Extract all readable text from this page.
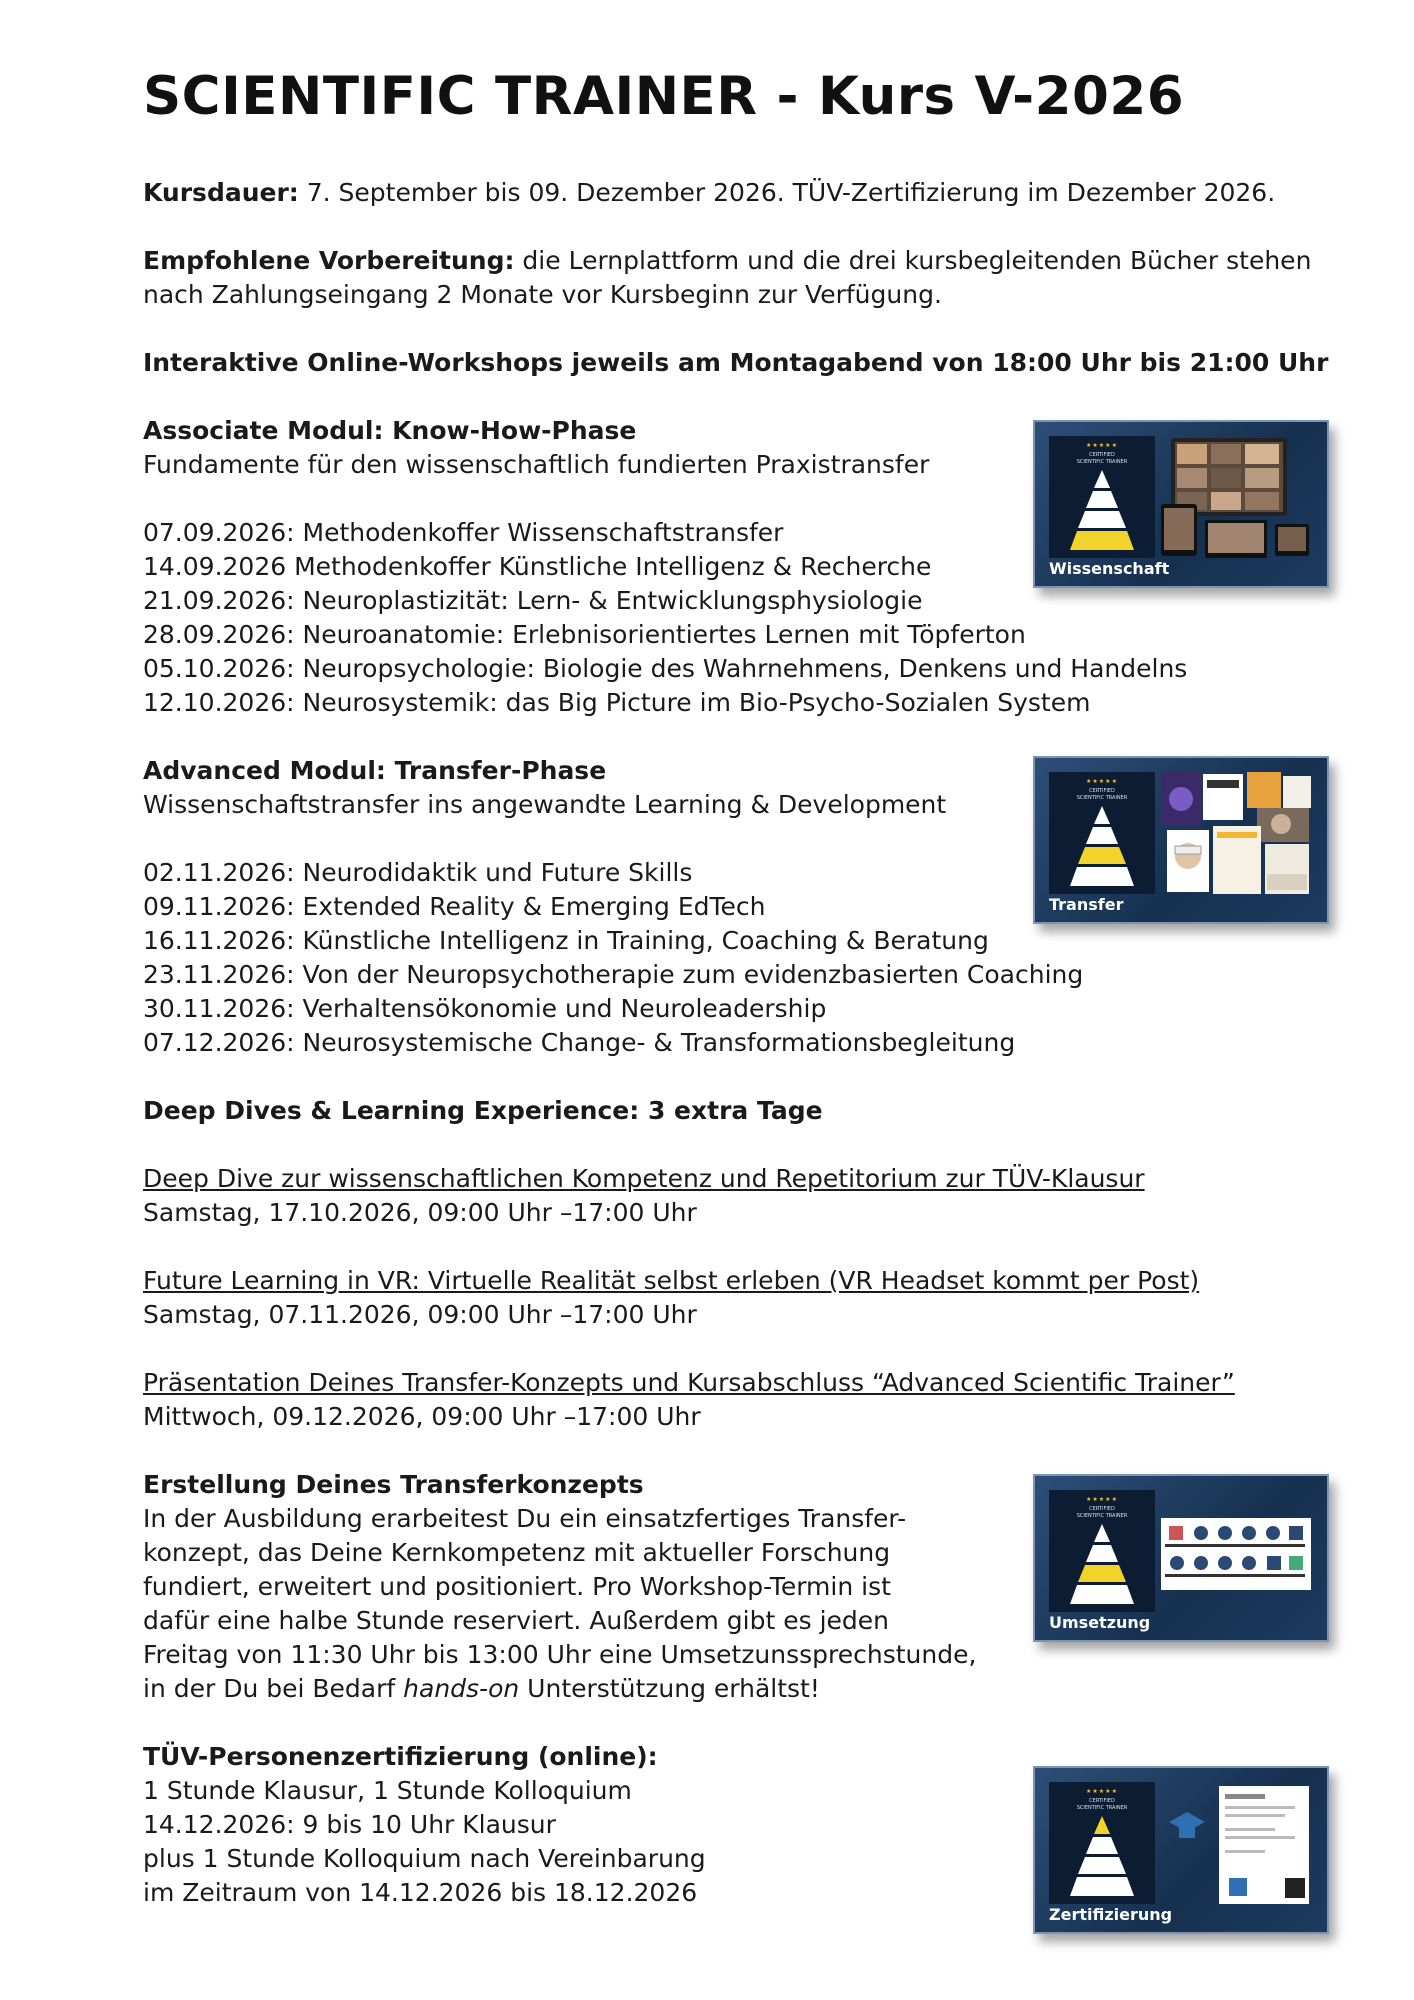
SCIENTIFIC TRAINER - Kurs V-2026
Kursdauer: 7. September bis 09. Dezember 2026. TÜV-Zertifizierung im Dezember 2026.
Empfohlene Vorbereitung: die Lernplattform und die drei kursbegleitenden Bücher stehen
nach Zahlungseingang 2 Monate vor Kursbeginn zur Verfügung.
Interaktive Online-Workshops jeweils am Montagabend von 18:00 Uhr bis 21:00 Uhr
Associate Modul: Know-How-Phase
Fundamente für den wissenschaftlich fundierten Praxistransfer

07.09.2026: Methodenkoffer Wissenschaftstransfer
14.09.2026 Methodenkoffer Künstliche Intelligenz & Recherche
21.09.2026: Neuroplastizität: Lern- & Entwicklungsphysiologie
28.09.2026: Neuroanatomie: Erlebnisorientiertes Lernen mit Töpferton
05.10.2026: Neuropsychologie: Biologie des Wahrnehmens, Denkens und Handelns
12.10.2026: Neurosystemik: das Big Picture im Bio-Psycho-Sozialen System
Advanced Modul: Transfer-Phase
Wissenschaftstransfer ins angewandte Learning & Development

02.11.2026: Neurodidaktik und Future Skills
09.11.2026: Extended Reality & Emerging EdTech
16.11.2026: Künstliche Intelligenz in Training, Coaching & Beratung
23.11.2026: Von der Neuropsychotherapie zum evidenzbasierten Coaching
30.11.2026: Verhaltensökonomie und Neuroleadership
07.12.2026: Neurosystemische Change- & Transformationsbegleitung
Deep Dives & Learning Experience: 3 extra Tage

Deep Dive zur wissenschaftlichen Kompetenz und Repetitorium zur TÜV-Klausur
Samstag, 17.10.2026, 09:00 Uhr –17:00 Uhr

Future Learning in VR: Virtuelle Realität selbst erleben (VR Headset kommt per Post)
Samstag, 07.11.2026, 09:00 Uhr –17:00 Uhr

Präsentation Deines Transfer-Konzepts und Kursabschluss “Advanced Scientific Trainer”
Mittwoch, 09.12.2026, 09:00 Uhr –17:00 Uhr
Erstellung Deines Transferkonzepts
In der Ausbildung erarbeitest Du ein einsatzfertiges Transfer-
konzept, das Deine Kernkompetenz mit aktueller Forschung
fundiert, erweitert und positioniert. Pro Workshop-Termin ist
dafür eine halbe Stunde reserviert. Außerdem gibt es jeden
Freitag von 11:30 Uhr bis 13:00 Uhr eine Umsetzunssprechstunde,
in der Du bei Bedarf hands-on Unterstützung erhältst!
TÜV-Personenzertifizierung (online):
1 Stunde Klausur, 1 Stunde Kolloquium
14.12.2026: 9 bis 10 Uhr Klausur
plus 1 Stunde Kolloquium nach Vereinbarung
im Zeitraum von 14.12.2026 bis 18.12.2026
★★★★★
CERTIFIED
SCIENTIFIC TRAINER
Wissenschaft
★★★★★
CERTIFIED
SCIENTIFIC TRAINER
Transfer
★★★★★
CERTIFIED
SCIENTIFIC TRAINER
Umsetzung
★★★★★
CERTIFIED
SCIENTIFIC TRAINER
Zertifizierung
